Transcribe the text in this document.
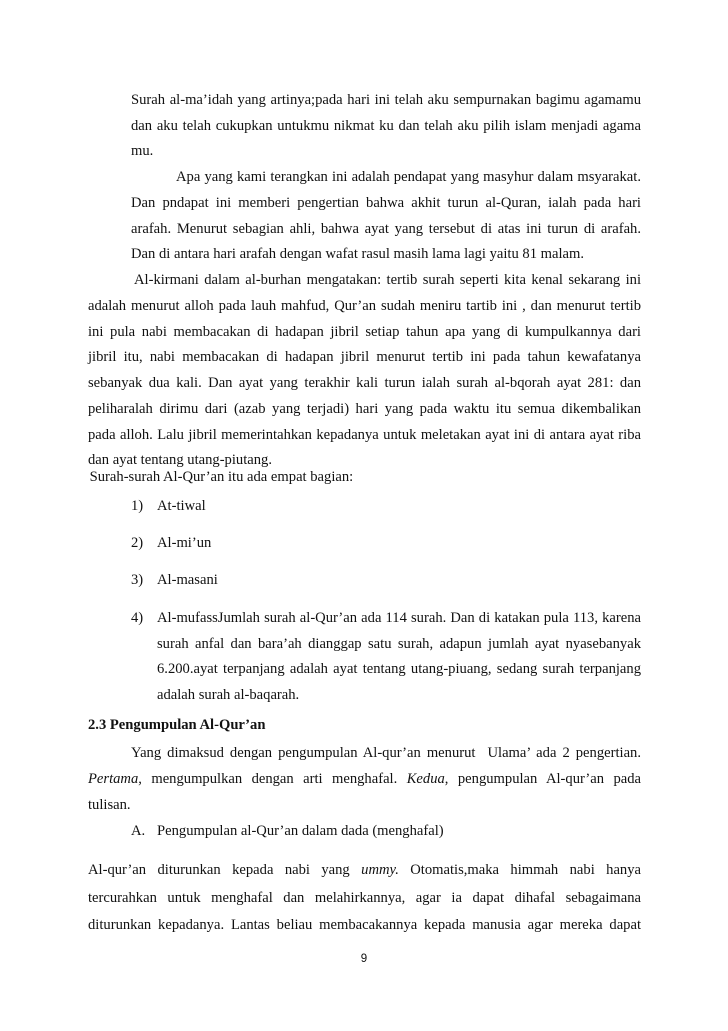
Surah al-ma’idah yang artinya;pada hari ini telah aku sempurnakan bagimu agamamu
dan aku telah cukupkan untukmu nikmat ku dan telah aku pilih islam menjadi agama
mu.
Apa yang kami terangkan ini adalah pendapat yang masyhur dalam msyarakat.
Dan pndapat ini memberi pengertian bahwa akhit turun al-Quran, ialah pada hari
arafah. Menurut sebagian ahli, bahwa ayat yang tersebut di atas ini turun di arafah.
Dan di antara hari arafah dengan wafat rasul masih lama lagi yaitu 81 malam.
Al-kirmani dalam al-burhan mengatakan: tertib surah seperti kita kenal sekarang ini
adalah menurut alloh pada lauh mahfud, Qur’an sudah meniru tartib ini , dan menurut tertib
ini pula nabi membacakan di hadapan jibril setiap tahun apa yang di kumpulkannya dari
jibril itu, nabi membacakan di hadapan jibril menurut tertib ini pada tahun kewafatanya
sebanyak dua kali. Dan ayat yang terakhir kali turun ialah surah al-bqorah ayat 281: dan
peliharalah dirimu dari (azab yang terjadi) hari yang pada waktu itu semua dikembalikan
pada alloh. Lalu jibril memerintahkan kepadanya untuk meletakan ayat ini di antara ayat riba
dan ayat tentang utang-piutang.
Surah-surah Al-Qur’an itu ada empat bagian:
1) At-tiwal
2) Al-mi’un
3) Al-masani
4) Al-mufassJumlah surah al-Qur’an ada 114 surah. Dan di katakan pula 113, karena
surah anfal dan bara’ah dianggap satu surah, adapun jumlah ayat nyasebanyak
6.200.ayat terpanjang adalah ayat tentang utang-piuang, sedang surah terpanjang
adalah surah al-baqarah.
2.3 Pengumpulan Al-Qur’an
Yang dimaksud dengan pengumpulan Al-qur’an menurut  Ulama’ ada 2 pengertian.
Pertama, mengumpulkan dengan arti menghafal. Kedua, pengumpulan Al-qur’an pada
tulisan.
A. Pengumpulan al-Qur’an dalam dada (menghafal)
Al-qur’an diturunkan kepada nabi yang ummy. Otomatis,maka himmah nabi hanya
tercurahkan untuk menghafal dan melahirkannya, agar ia dapat dihafal sebagaimana
diturunkan kepadanya. Lantas beliau membacakannya kepada manusia agar mereka dapat
9
